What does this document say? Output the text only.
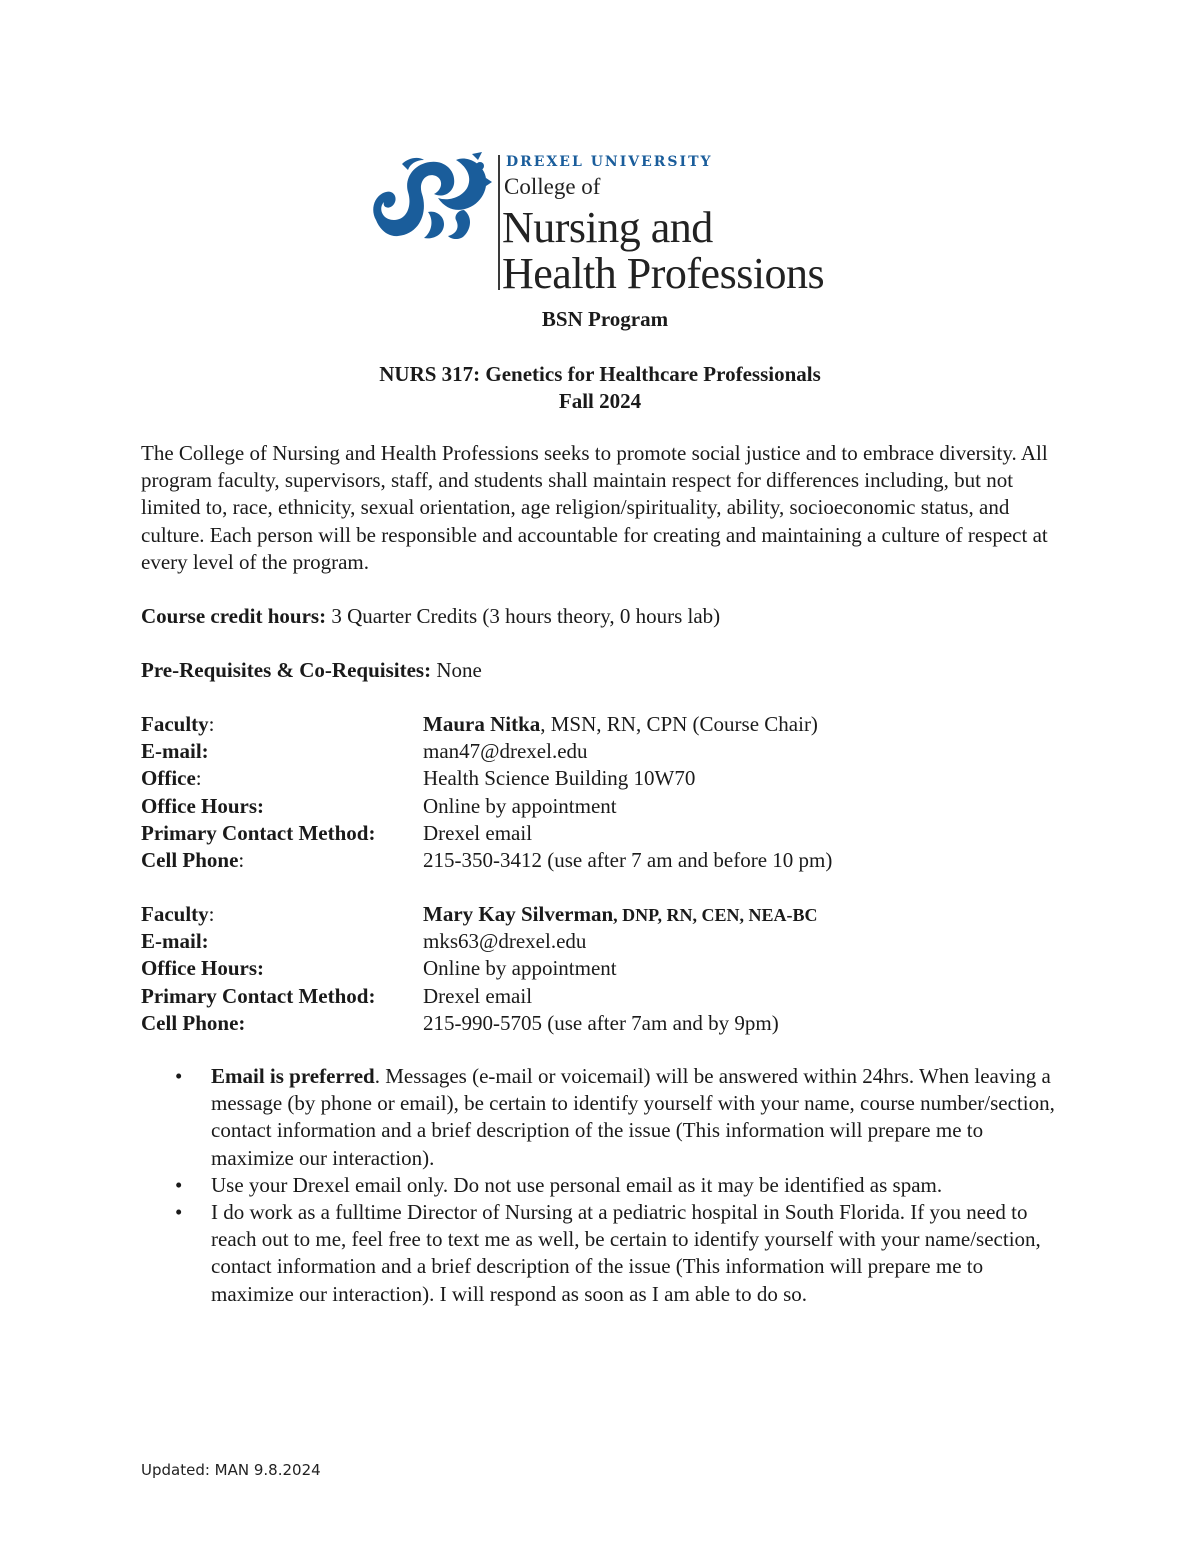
DREXEL UNIVERSITY
College of
Nursing and
Health Professions
BSN Program
NURS 317: Genetics for Healthcare Professionals
Fall 2024
The College of Nursing and Health Professions seeks to promote social justice and to embrace diversity. All program faculty, supervisors, staff, and students shall maintain respect for differences including, but not limited to, race, ethnicity, sexual orientation, age religion/spirituality, ability, socioeconomic status, and culture. Each person will be responsible and accountable for creating and maintaining a culture of respect at every level of the program.
Course credit hours: 3 Quarter Credits (3 hours theory, 0 hours lab)
Pre-Requisites & Co-Requisites: None
Faculty:	Maura Nitka, MSN, RN, CPN (Course Chair)
E-mail:	man47@drexel.edu
Office:	Health Science Building 10W70
Office Hours:	Online by appointment
Primary Contact Method:	Drexel email
Cell Phone:	215-350-3412 (use after 7 am and before 10 pm)
Faculty:	Mary Kay Silverman, DNP, RN, CEN, NEA-BC
E-mail:	mks63@drexel.edu
Office Hours:	Online by appointment
Primary Contact Method:	Drexel email
Cell Phone:	215-990-5705 (use after 7am and by 9pm)
• Email is preferred. Messages (e-mail or voicemail) will be answered within 24hrs. When leaving a message (by phone or email), be certain to identify yourself with your name, course number/section, contact information and a brief description of the issue (This information will prepare me to maximize our interaction).
• Use your Drexel email only. Do not use personal email as it may be identified as spam.
• I do work as a fulltime Director of Nursing at a pediatric hospital in South Florida. If you need to reach out to me, feel free to text me as well, be certain to identify yourself with your name/section, contact information and a brief description of the issue (This information will prepare me to maximize our interaction). I will respond as soon as I am able to do so.
Updated: MAN 9.8.2024
